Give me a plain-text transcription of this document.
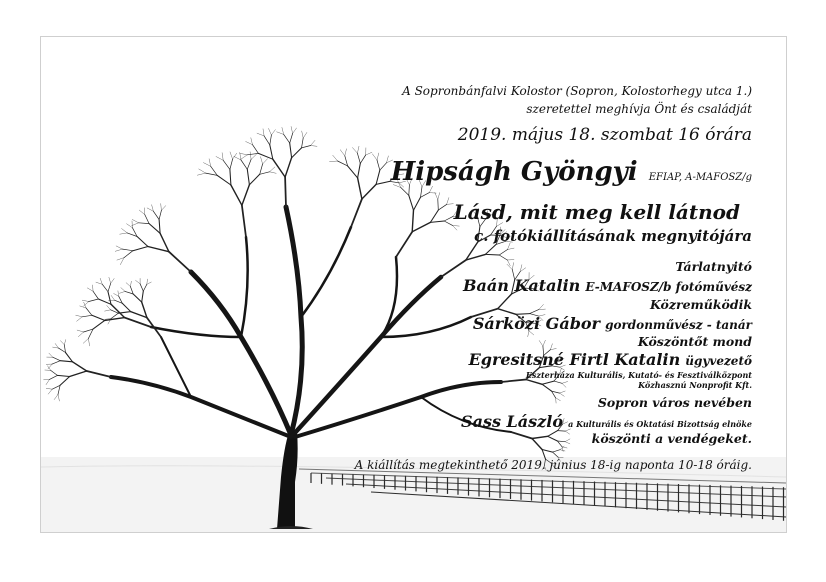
A Sopronbánfalvi Kolostor (Sopron, Kolostorhegy utca 1.)
szeretettel meghívja Önt és családját
2019. május 18. szombat 16 órára
Hipságh Gyöngyi EFIAP, A-MAFOSZ/g
Lásd, mit meg kell látnod
c. fotókiállításának megnyitójára
Tárlatnyitó
Baán Katalin E-MAFOSZ/b fotóművész
Közreműködik
Sárközi Gábor gordonművész - tanár
Köszöntőt mond
Egresitsné Firtl Katalin ügyvezető
Eszterháza Kulturális, Kutató- és Fesztiválközpont
Közhasznú Nonprofit Kft.
Sopron város nevében
Sass László a Kulturális és Oktatási Bizottság elnöke
köszönti a vendégeket.
A kiállítás megtekinthető 2019. június 18-ig naponta 10-18 óráig.
